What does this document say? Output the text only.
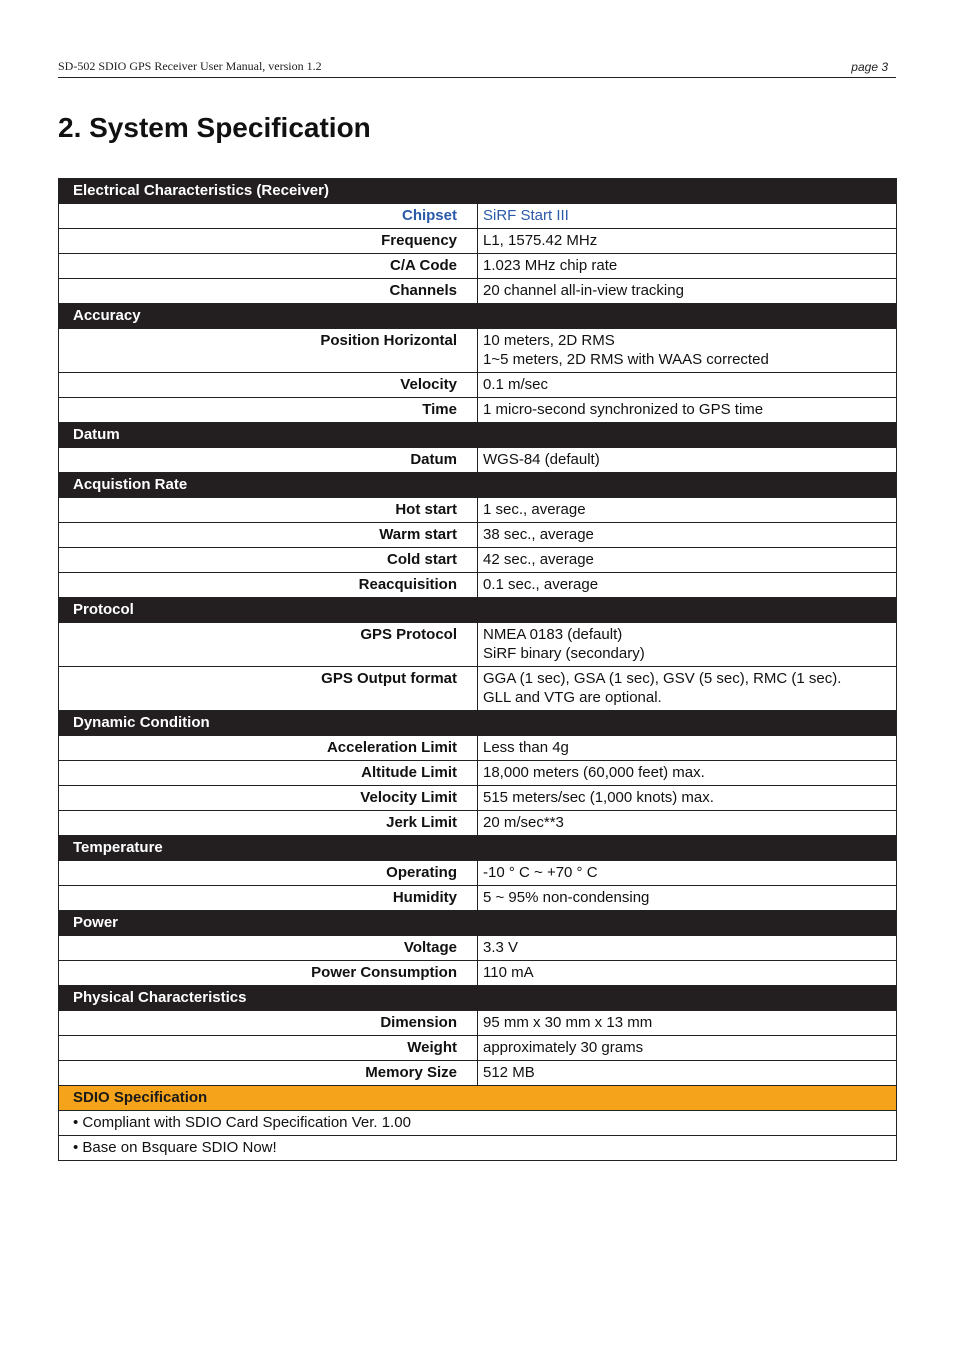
SD-502 SDIO GPS Receiver User Manual, version 1.2	page 3
2. System Specification
Electrical Characteristics (Receiver)	
Chipset	SiRF Start III
Frequency	L1, 1575.42 MHz
C/A Code	1.023 MHz chip rate
Channels	20 channel all-in-view tracking
Accuracy	
Position Horizontal	10 meters, 2D RMS
1~5 meters, 2D RMS with WAAS corrected

Velocity	0.1 m/sec
Time	1 micro-second synchronized to GPS time
Datum	
Datum	WGS-84 (default)
Acquistion Rate	
Hot start	1 sec., average
Warm start	38 sec., average
Cold start	42 sec., average
Reacquisition	0.1 sec., average
Protocol	
GPS Protocol	NMEA 0183 (default)
SiRF binary (secondary)

GPS Output format	GGA (1 sec), GSA (1 sec), GSV (5 sec), RMC (1 sec).
GLL and VTG are optional.

Dynamic Condition	
Acceleration Limit	Less than 4g
Altitude Limit	18,000 meters (60,000 feet) max.
Velocity Limit	515 meters/sec (1,000 knots) max.
Jerk Limit	20 m/sec**3
Temperature	
Operating	-10 ° C ~ +70 ° C
Humidity	5 ~ 95% non-condensing
Power	
Voltage	3.3 V
Power Consumption	110 mA
Physical Characteristics	
Dimension	95 mm x 30 mm x 13 mm
Weight	approximately 30 grams
Memory Size	512 MB
SDIO Specification	
• Compliant with SDIO Card Specification Ver. 1.00	
• Base on Bsquare SDIO Now!	
